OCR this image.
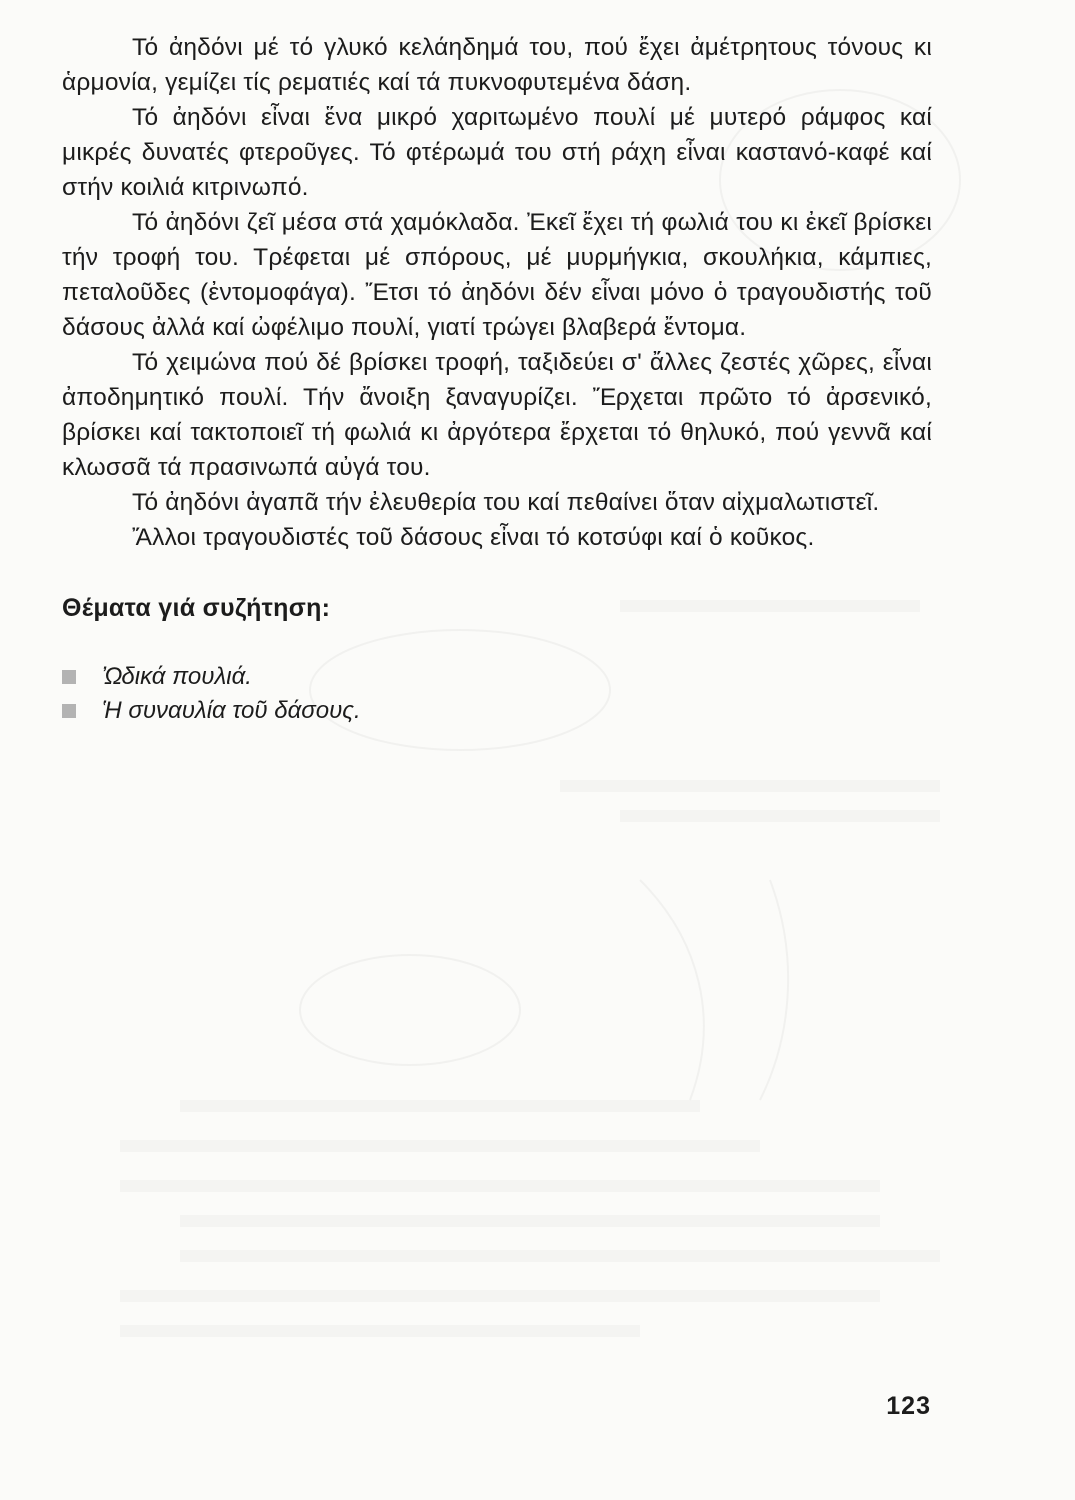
Τό ἀηδόνι μέ τό γλυκό κελάηδημά του, πού ἔχει ἀμέτρητους τόνους κι ἁρμονία, γεμίζει τίς ρεματιές καί τά πυκνοφυτεμένα δάση.

Τό ἀηδόνι εἶναι ἕνα μικρό χαριτωμένο πουλί μέ μυτερό ράμφος καί μικρές δυνατές φτεροῦγες. Τό φτέρωμά του στή ράχη εἶναι καστανό-καφέ καί στήν κοιλιά κιτρινωπό.

Τό ἀηδόνι ζεῖ μέσα στά χαμόκλαδα. Ἐκεῖ ἔχει τή φωλιά του κι ἐκεῖ βρίσκει τήν τροφή του. Τρέφεται μέ σπόρους, μέ μυρμήγκια, σκουλήκια, κάμπιες, πεταλοῦδες (ἐντομοφάγα). Ἔτσι τό ἀηδόνι δέν εἶναι μόνο ὁ τραγουδιστής τοῦ δάσους ἀλλά καί ὠφέλιμο πουλί, γιατί τρώγει βλαβερά ἔντομα.

Τό χειμώνα πού δέ βρίσκει τροφή, ταξιδεύει σ' ἄλλες ζεστές χῶρες, εἶναι ἀποδημητικό πουλί. Τήν ἄνοιξη ξαναγυρίζει. Ἔρχεται πρῶτο τό ἀρσενικό, βρίσκει καί τακτοποιεῖ τή φωλιά κι ἀργότερα ἔρχεται τό θηλυκό, πού γεννᾶ καί κλωσσᾶ τά πρασινωπά αὐγά του.

Τό ἀηδόνι ἀγαπᾶ τήν ἐλευθερία του καί πεθαίνει ὅταν αἰχμαλωτιστεῖ.

Ἄλλοι τραγουδιστές τοῦ δάσους εἶναι τό κοτσύφι καί ὁ κοῦκος.

Θέματα γιά συζήτηση:
Ὠδικά πουλιά.
Ἡ συναυλία τοῦ δάσους.
123
